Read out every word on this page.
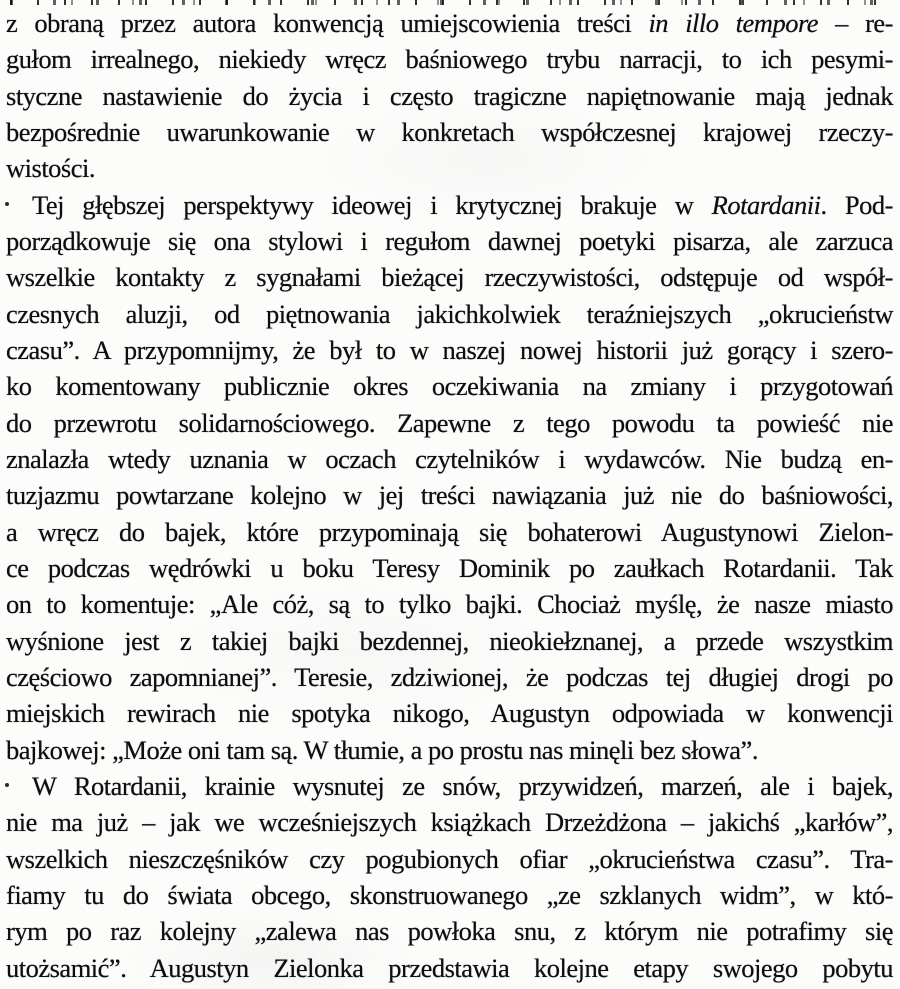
z obraną przez autora konwencją umiejscowienia treści in illo tempore – re-
gułom irrealnego, niekiedy wręcz baśniowego trybu narracji, to ich pesymi-
styczne nastawienie do życia i często tragiczne napiętnowanie mają jednak
bezpośrednie uwarunkowanie w konkretach współczesnej krajowej rzeczy-
wistości.
Tej głębszej perspektywy ideowej i krytycznej brakuje w Rotardanii. Pod-
porządkowuje się ona stylowi i regułom dawnej poetyki pisarza, ale zarzuca
wszelkie kontakty z sygnałami bieżącej rzeczywistości, odstępuje od współ-
czesnych aluzji, od piętnowania jakichkolwiek teraźniejszych „okrucieństw
czasu”. A przypomnijmy, że był to w naszej nowej historii już gorący i szero-
ko komentowany publicznie okres oczekiwania na zmiany i przygotowań
do przewrotu solidarnościowego. Zapewne z tego powodu ta powieść nie
znalazła wtedy uznania w oczach czytelników i wydawców. Nie budzą en-
tuzjazmu powtarzane kolejno w jej treści nawiązania już nie do baśniowości,
a wręcz do bajek, które przypominają się bohaterowi Augustynowi Zielon-
ce podczas wędrówki u boku Teresy Dominik po zaułkach Rotardanii. Tak
on to komentuje: „Ale cóż, są to tylko bajki. Chociaż myślę, że nasze miasto
wyśnione jest z takiej bajki bezdennej, nieokiełznanej, a przede wszystkim
częściowo zapomnianej”. Teresie, zdziwionej, że podczas tej długiej drogi po
miejskich rewirach nie spotyka nikogo, Augustyn odpowiada w konwencji
bajkowej: „Może oni tam są. W tłumie, a po prostu nas minęli bez słowa”.
W Rotardanii, krainie wysnutej ze snów, przywidzeń, marzeń, ale i bajek,
nie ma już – jak we wcześniejszych książkach Drzeżdżona – jakichś „karłów”,
wszelkich nieszczęśników czy pogubionych ofiar „okrucieństwa czasu”. Tra-
fiamy tu do świata obcego, skonstruowanego „ze szklanych widm”, w któ-
rym po raz kolejny „zalewa nas powłoka snu, z którym nie potrafimy się
utożsamić”. Augustyn Zielonka przedstawia kolejne etapy swojego pobytu
